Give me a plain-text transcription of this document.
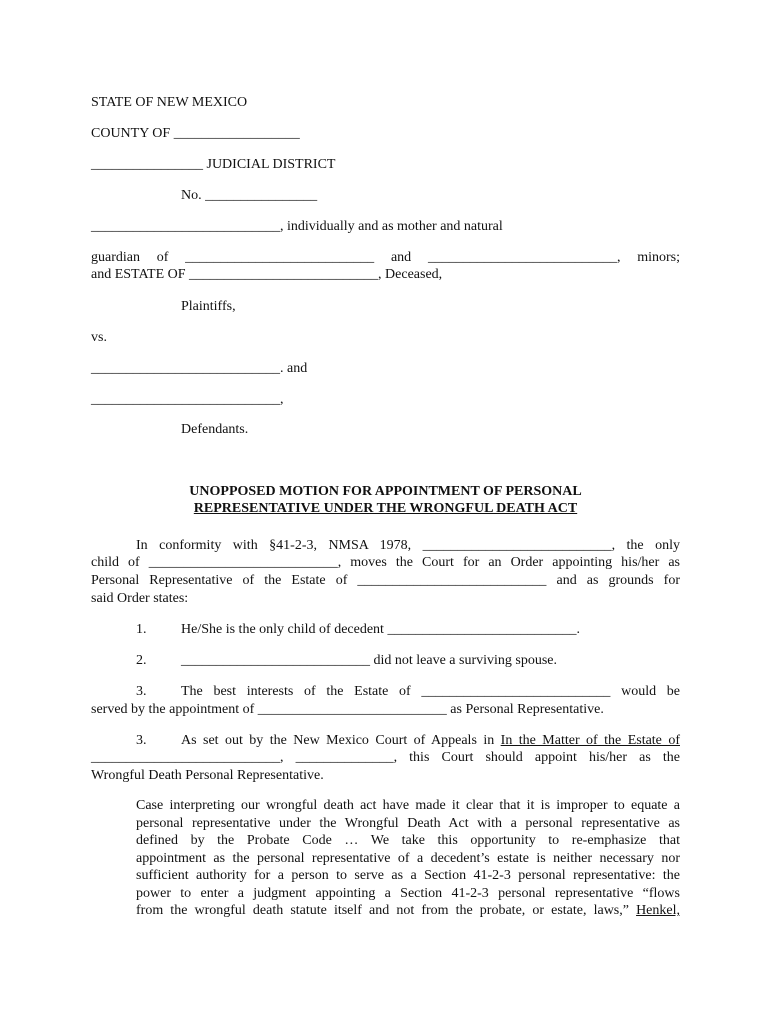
STATE OF NEW MEXICO
COUNTY OF __________________
________________ JUDICIAL DISTRICT
No. ________________
___________________________, individually and as mother and natural
guardian of ___________________________ and ___________________________, minors;
and ESTATE OF ___________________________, Deceased,
Plaintiffs,
vs.
___________________________. and
___________________________,
Defendants.
UNOPPOSED MOTION FOR APPOINTMENT OF PERSONAL
REPRESENTATIVE UNDER THE WRONGFUL DEATH ACT
In conformity with §41-2-3, NMSA 1978, ___________________________, the only
child of ___________________________, moves the Court for an Order appointing his/her as
Personal Representative of the Estate of ___________________________ and as grounds for
said Order states:
1. He/She is the only child of decedent ___________________________.
2. ___________________________ did not leave a surviving spouse.
3. The best interests of the Estate of ___________________________ would be
served by the appointment of ___________________________ as Personal Representative.
3. As set out by the New Mexico Court of Appeals in In the Matter of the Estate of
___________________________, ______________, this Court should appoint his/her as the
Wrongful Death Personal Representative.
Case interpreting our wrongful death act have made it clear that it is improper to equate a
personal representative under the Wrongful Death Act with a personal representative as
defined by the Probate Code … We take this opportunity to re-emphasize that
appointment as the personal representative of a decedent’s estate is neither necessary nor
sufficient authority for a person to serve as a Section 41-2-3 personal representative: the
power to enter a judgment appointing a Section 41-2-3 personal representative “flows
from the wrongful death statute itself and not from the probate, or estate, laws,” Henkel,
